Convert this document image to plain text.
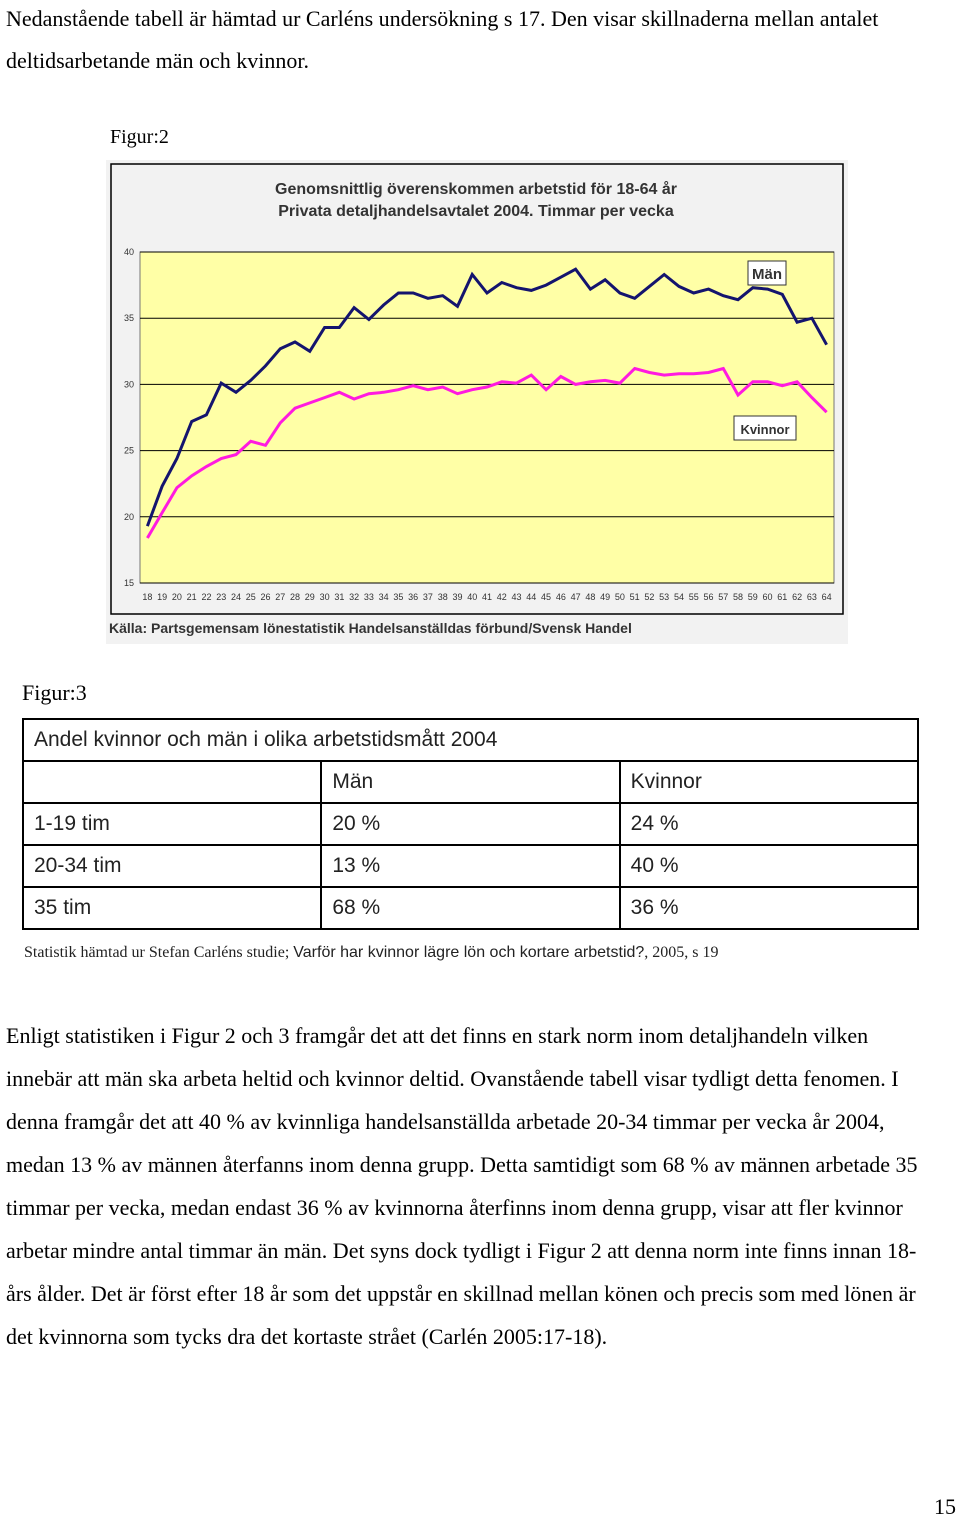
Nedanstående tabell är hämtad ur Carléns undersökning s 17. Den visar skillnaderna mellan antalet deltidsarbetande män och kvinnor.
Figur:2
Genomsnittlig överenskommen arbetstid för 18-64 år
Privata detaljhandelsavtalet 2004. Timmar per vecka
15
20
25
30
35
40
18 19 20 21 22 23 24 25 26 27 28 29 30 31 32 33 34 35 36 37 38 39 40 41 42 43 44 45 46 47 48 49 50 51 52 53 54 55 56 57 58 59 60 61 62 63 64
Män
Kvinnor
Källa: Partsgemensam lönestatistik Handelsanställdas förbund/Svensk Handel
Figur:3
Andel kvinnor och män i olika arbetstidsmått 2004		
	Män	Kvinnor
1-19 tim	20 %	24 %
20-34 tim	13 %	40 %
35 tim	68 %	36 %
Statistik hämtad ur Stefan Carléns studie; Varför har kvinnor lägre lön och kortare arbetstid?, 2005, s 19
Enligt statistiken i Figur 2 och 3 framgår det att det finns en stark norm inom detaljhandeln vilken innebär att män ska arbeta heltid och kvinnor deltid. Ovanstående tabell visar tydligt detta fenomen. I denna framgår det att 40 % av kvinnliga handelsanställda arbetade 20-34 timmar per vecka år 2004, medan 13 % av männen återfanns inom denna grupp. Detta samtidigt som 68 % av männen arbetade 35 timmar per vecka, medan endast 36 % av kvinnorna återfinns inom denna grupp, visar att fler kvinnor arbetar mindre antal timmar än män. Det syns dock tydligt i Figur 2 att denna norm inte finns innan 18-års ålder. Det är först efter 18 år som det uppstår en skillnad mellan könen och precis som med lönen är det kvinnorna som tycks dra det kortaste strået (Carlén 2005:17-18).
15
